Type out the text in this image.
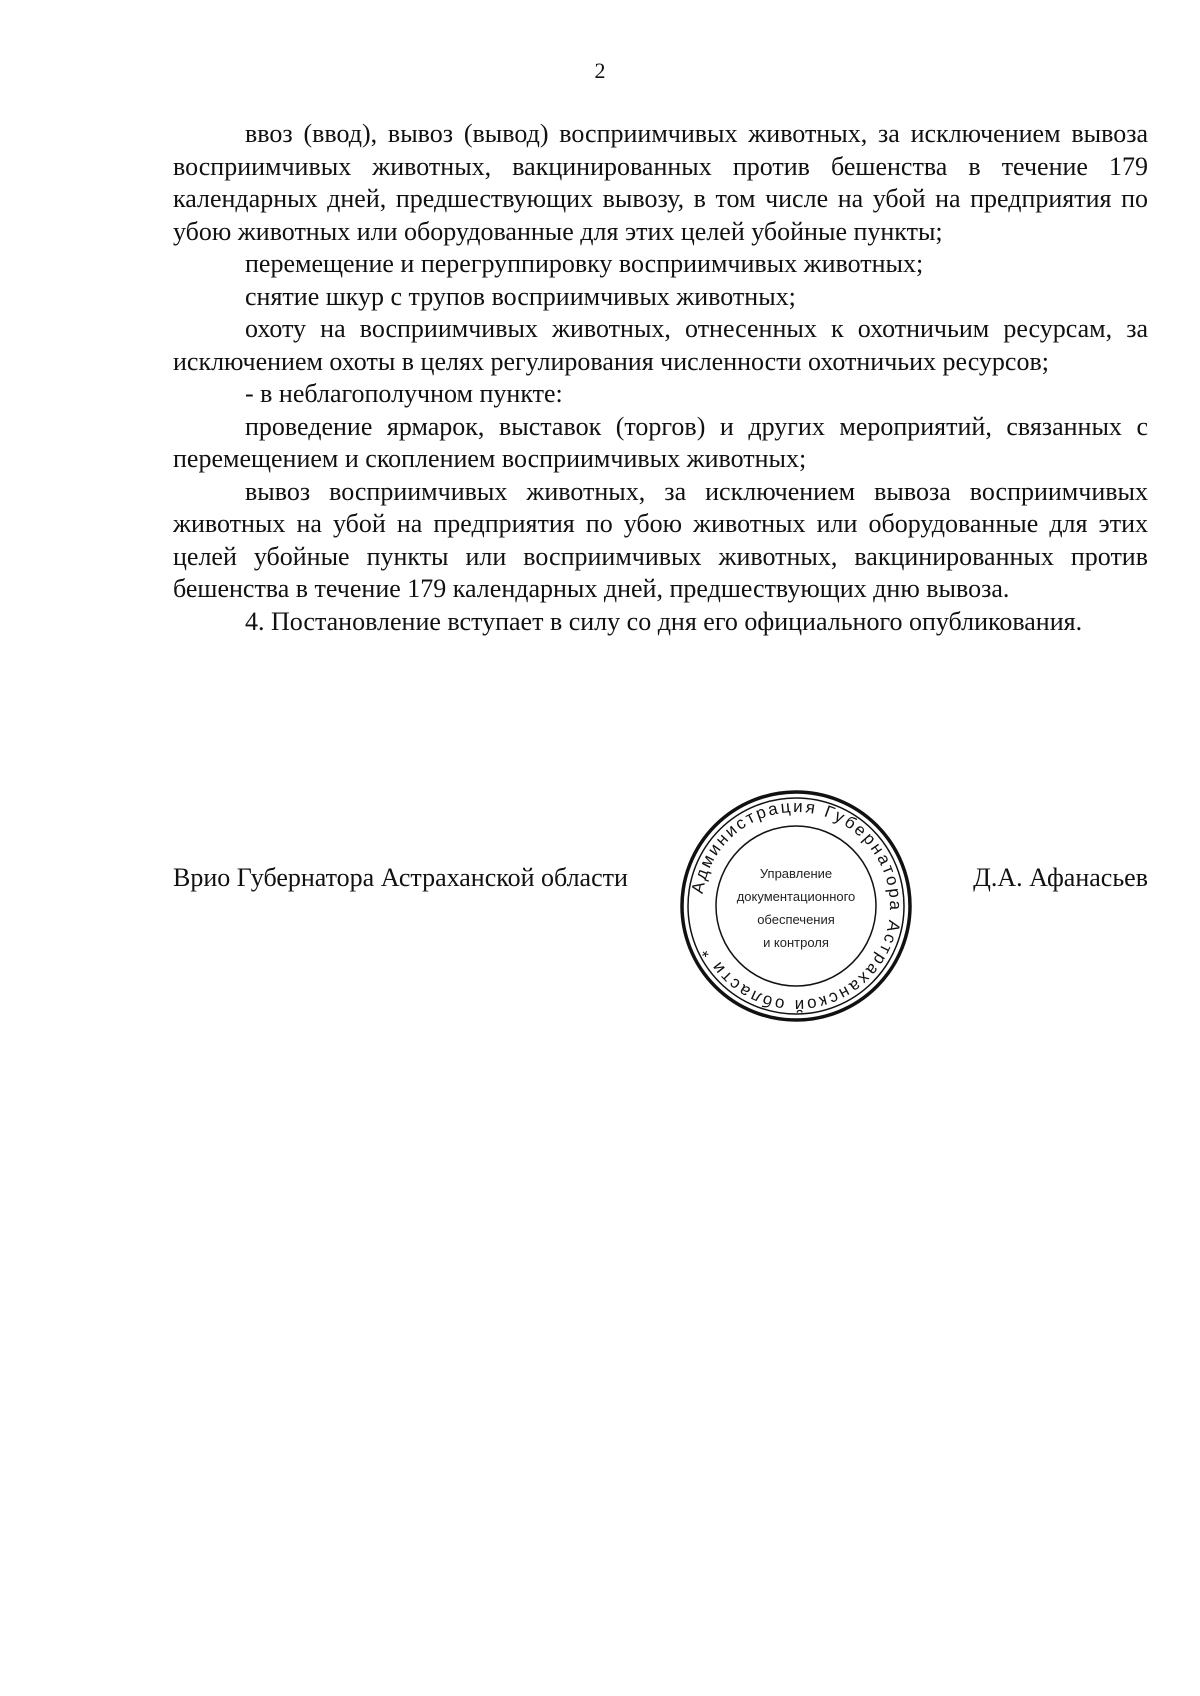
2

ввоз (ввод), вывоз (вывод) восприимчивых животных, за исключением вывоза восприимчивых животных, вакцинированных против бешенства в течение 179 календарных дней, предшествующих вывозу, в том числе на убой на предприятия по убою животных или оборудованные для этих целей убойные пункты;

перемещение и перегруппировку восприимчивых животных;

снятие шкур с трупов восприимчивых животных;

охоту на восприимчивых животных, отнесенных к охотничьим ресурсам, за исключением охоты в целях регулирования численности охотничьих ресурсов;

- в неблагополучном пункте:

проведение ярмарок, выставок (торгов) и других мероприятий, связанных с перемещением и скоплением восприимчивых животных;

вывоз восприимчивых животных, за исключением вывоза восприимчивых животных на убой на предприятия по убою животных или оборудованные для этих целей убойные пункты или восприимчивых животных, вакцинированных против бешенства в течение 179 календарных дней, предшествующих дню вывоза.

4. Постановление вступает в силу со дня его официального опубликования.

Врио Губернатора Астраханской области	Д.А. Афанасьев
Администрация Губернатора Астраханской области *
Управление
документационного
обеспечения
и контроля
